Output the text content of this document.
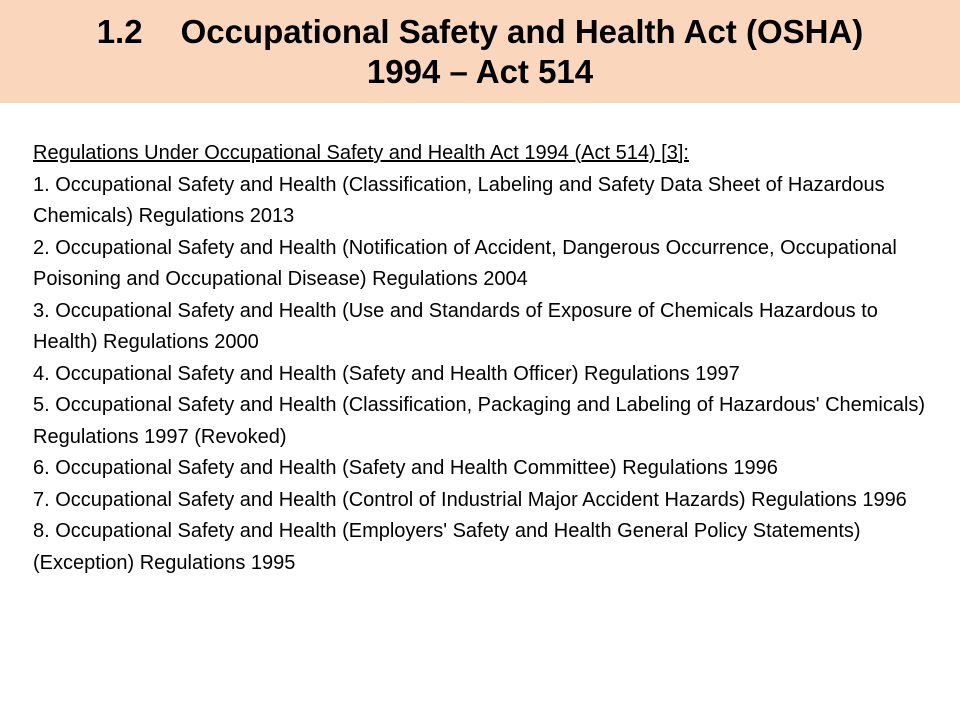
1.2 Occupational Safety and Health Act (OSHA)
1994 – Act 514
Regulations Under Occupational Safety and Health Act 1994 (Act 514) [3]:

1. Occupational Safety and Health (Classification, Labeling and Safety Data Sheet of Hazardous Chemicals) Regulations 2013

2. Occupational Safety and Health (Notification of Accident, Dangerous Occurrence, Occupational Poisoning and Occupational Disease) Regulations 2004

3. Occupational Safety and Health (Use and Standards of Exposure of Chemicals Hazardous to Health) Regulations 2000

4. Occupational Safety and Health (Safety and Health Officer) Regulations 1997

5. Occupational Safety and Health (Classification, Packaging and Labeling of Hazardous' Chemicals) Regulations 1997 (Revoked)

6. Occupational Safety and Health (Safety and Health Committee) Regulations 1996

7. Occupational Safety and Health (Control of Industrial Major Accident Hazards) Regulations 1996

8. Occupational Safety and Health (Employers' Safety and Health General Policy Statements) (Exception) Regulations 1995
